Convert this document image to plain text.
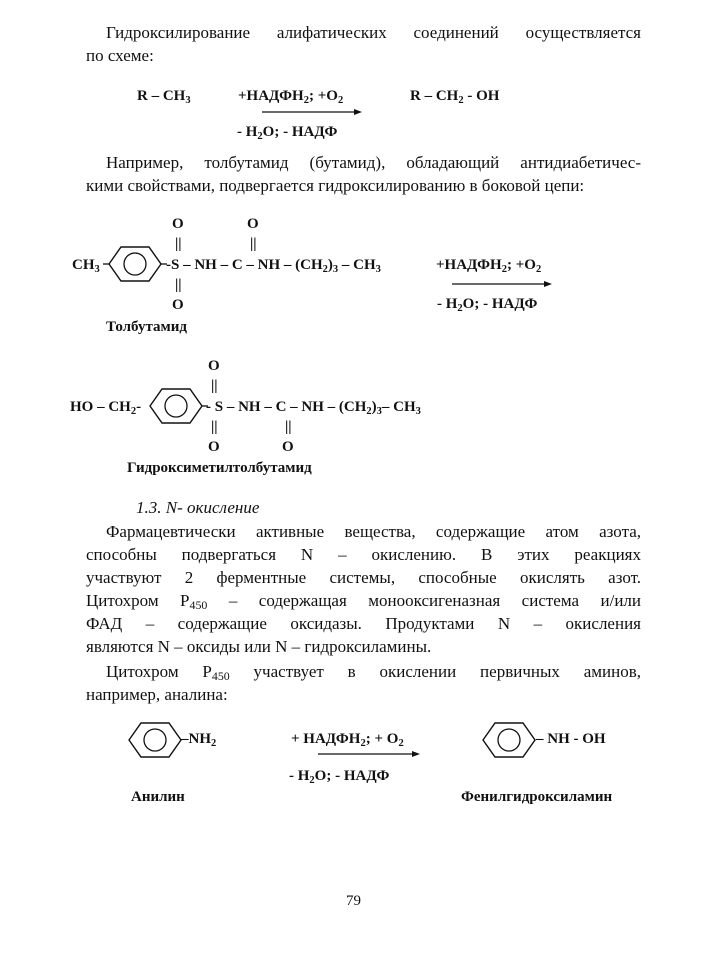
Гидроксилирование алифатических соединений осуществляется
по схеме:
R – $CH_3$	$+НАДФН_2$; $+O_2$	R – $CH_2$ - OH
- $H_2O$; - НАДФ
Например, толбутамид (бутамид), обладающий антидиабетичес-
кими свойствами, подвергается гидроксилированию в боковой цепи:
O	O
||	||
$CH_3$	-S – NH – C – NH – $(CH_2)_3 - CH_3$
||
O
Толбутамид
$+НАДФН_2$; $+O_2$
- $H_2O$; - НАДФ
O
||
HO – $CH_2-$	- S – NH – C – NH – $(CH_2)_3-$ $CH_3$
||	||
O	O
Гидроксиметилтолбутамид
1.3. N- окисление
Фармацевтически активные вещества, содержащие атом азота,
способны подвергаться N – окислению. В этих реакциях
участвуют 2 ферментные системы, способные окислять азот.
Цитохром $P_{450}$ – содержащая монооксигеназная система и/или
ФАД – содержащие оксидазы. Продуктами N – окисления
являются N – оксиды или N – гидроксиламины.
Цитохром $P_{450}$ участвует в окислении первичных аминов,
например, аналина:
$-NH_2$	+ $НАДФН_2$; + $O_2$
- $H_2O$; - НАДФ
– NH - OH
Анилин	Фенилгидроксиламин
79
